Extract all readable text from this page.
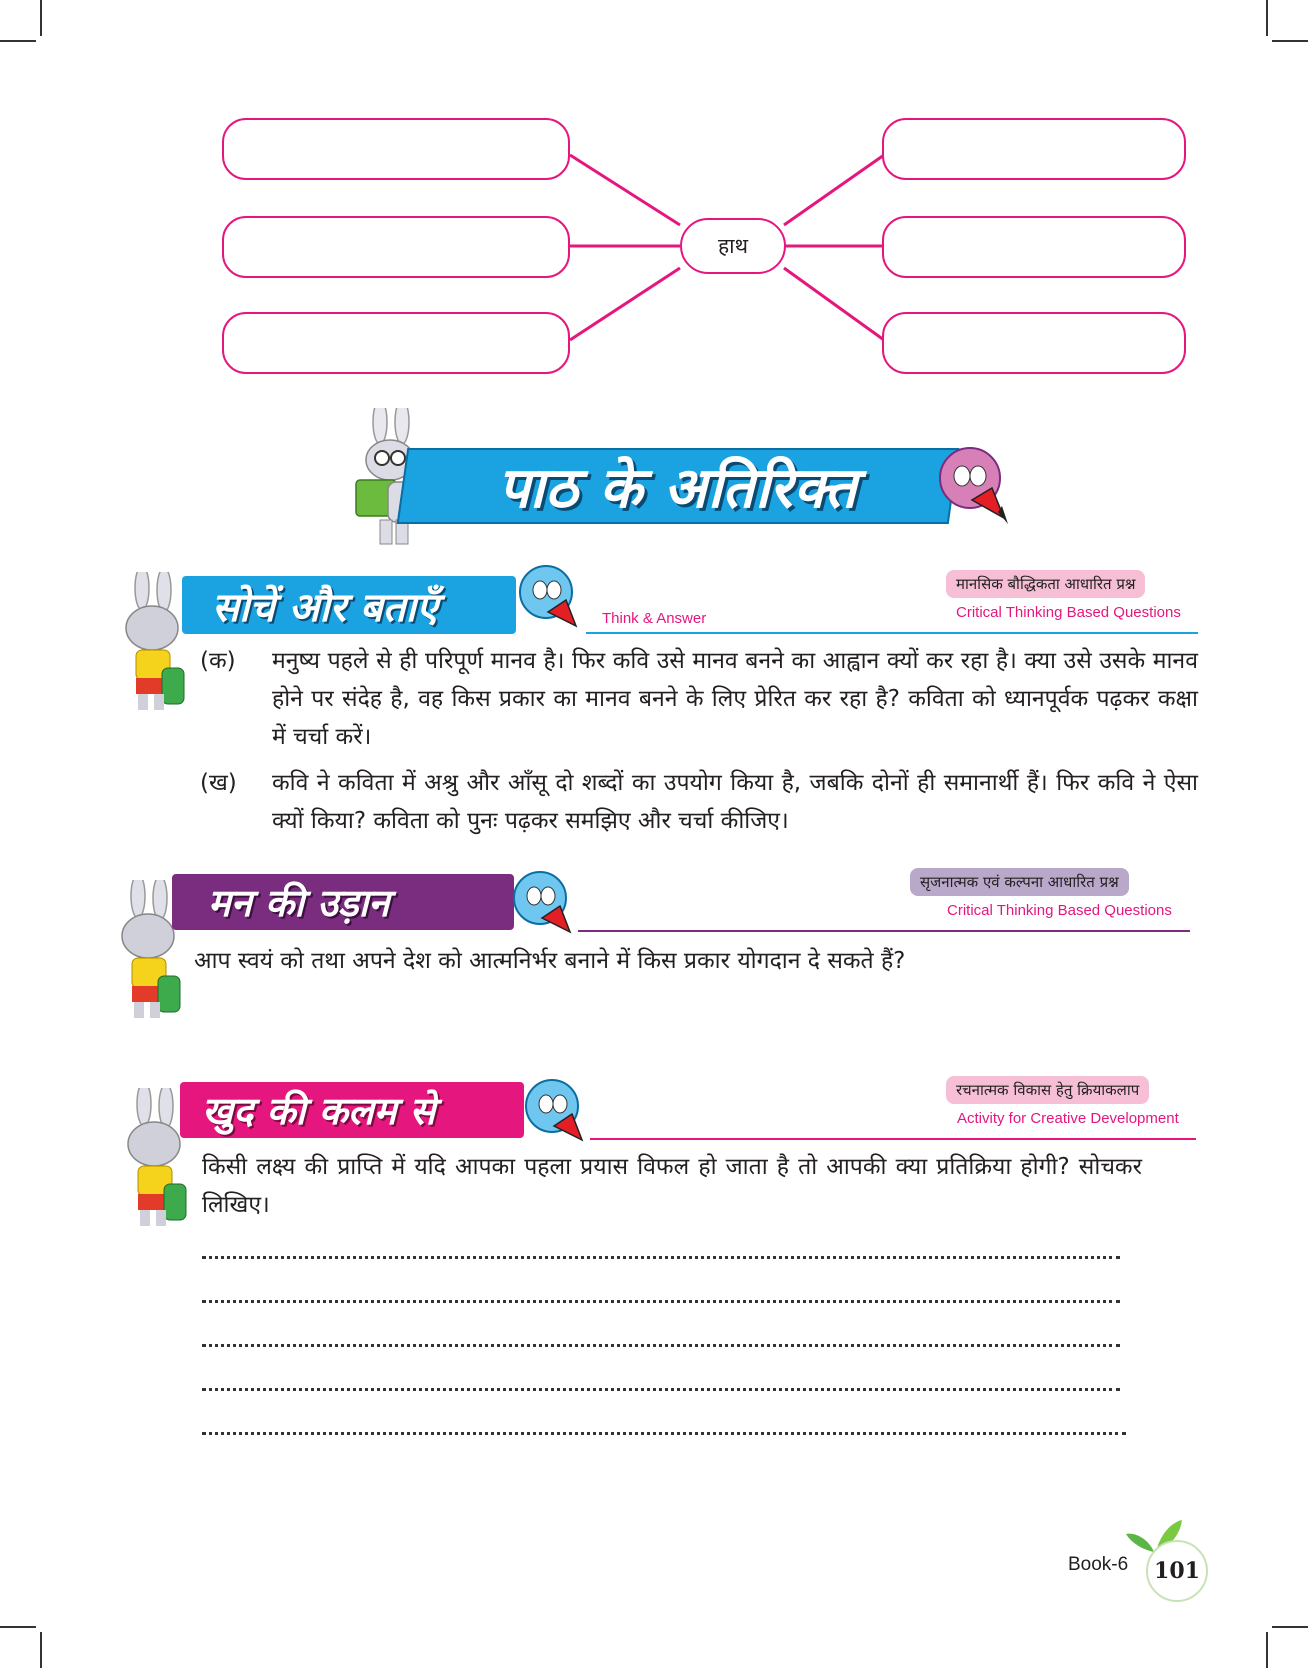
हाथ
पाठ के अतिरिक्त
सोचें और बताएँ	Think & Answer
मानसिक बौद्धिकता आधारित प्रश्न
Critical Thinking Based Questions
(क) मनुष्य पहले से ही परिपूर्ण मानव है। फिर कवि उसे मानव बनने का आह्वान क्यों कर रहा है। क्या उसे उसके मानव होने पर संदेह है, वह किस प्रकार का मानव बनने के लिए प्रेरित कर रहा है? कविता को ध्यानपूर्वक पढ़कर कक्षा में चर्चा करें।
(ख) कवि ने कविता में अश्रु और आँसू दो शब्दों का उपयोग किया है, जबकि दोनों ही समानार्थी हैं। फिर कवि ने ऐसा क्यों किया? कविता को पुनः पढ़कर समझिए और चर्चा कीजिए।
मन की उड़ान	सृजनात्मक एवं कल्पना आधारित प्रश्न
Critical Thinking Based Questions
आप स्वयं को तथा अपने देश को आत्मनिर्भर बनाने में किस प्रकार योगदान दे सकते हैं?
खुद की कलम से	रचनात्मक विकास हेतु क्रियाकलाप
Activity for Creative Development
किसी लक्ष्य की प्राप्ति में यदि आपका पहला प्रयास विफल हो जाता है तो आपकी क्या प्रतिक्रिया होगी? सोचकर लिखिए।
Book-6 101
